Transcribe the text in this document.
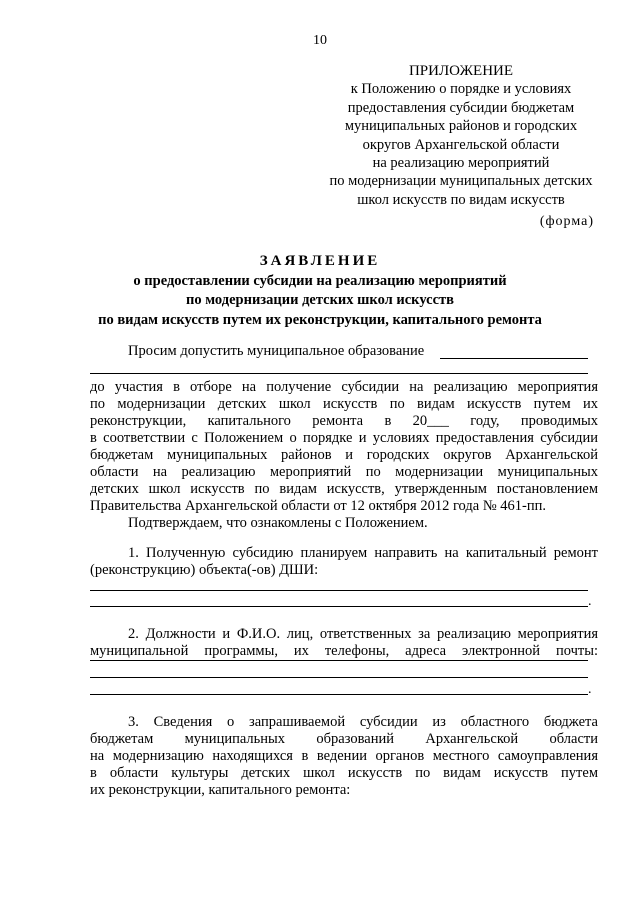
10
ПРИЛОЖЕНИЕ
к Положению о порядке и условиях
предоставления субсидии бюджетам
муниципальных районов и городских
округов Архангельской области
на реализацию мероприятий
по модернизации муниципальных детских
школ искусств по видам искусств
(форма)
ЗАЯВЛЕНИЕ
о предоставлении субсидии на реализацию мероприятий
по модернизации детских школ искусств
по видам искусств путем их реконструкции, капитального ремонта
Просим допустить муниципальное образование
до участия в отборе на получение субсидии на реализацию мероприятия
по модернизации детских школ искусств по видам искусств путем их
реконструкции, капитального ремонта в 20___ году, проводимых
в соответствии с Положением о порядке и условиях предоставления субсидии
бюджетам муниципальных районов и городских округов Архангельской
области на реализацию мероприятий по модернизации муниципальных
детских школ искусств по видам искусств, утвержденным постановлением
Правительства Архангельской области от 12 октября 2012 года № 461-пп.
Подтверждаем, что ознакомлены с Положением.
1. Полученную субсидию планируем направить на капитальный ремонт
(реконструкцию) объекта(-ов) ДШИ:
.
2. Должности и Ф.И.О. лиц, ответственных за реализацию мероприятия
муниципальной программы, их телефоны, адреса электронной почты:
.
3. Сведения о запрашиваемой субсидии из областного бюджета
бюджетам муниципальных образований Архангельской области
на модернизацию находящихся в ведении органов местного самоуправления
в области культуры детских школ искусств по видам искусств путем
их реконструкции, капитального ремонта:
